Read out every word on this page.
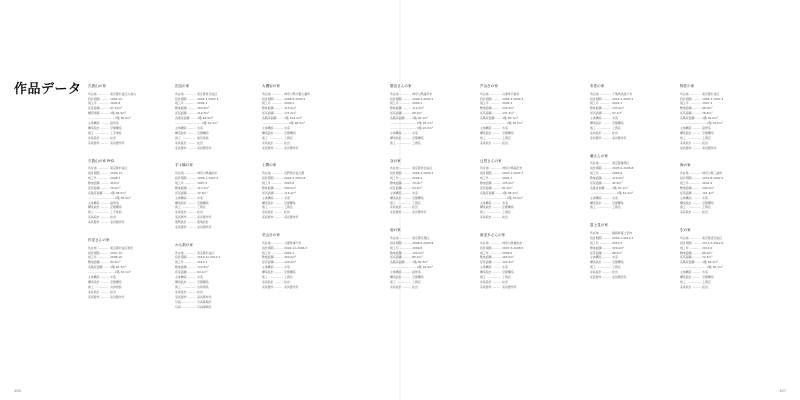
作品データ 久我山の家
所在地 ………… 東京都杉並区久我山
設計期間 ……… 1992.10-
竣工年 ………… 1993.8
延床面積 ……… 97.52m²
構造規模 ……… 2階 66.9m²
……………………… 2階 30.6m²
主体構造 ……… 鉄骨造
構造設計 ……… 空間構造
施工 …………… 工手建設
家具設計 ……… 松田
家具製作 ……… 家具製作所
久我山の家 PH2
所在地 ………… 東京都杉並区
設計期間 ……… 2006.12-
竣工年 ………… 2008.3
敷地面積 ……… 410m²
延床面積 ……… 76.9m²
各階床面積 …… 1階 48.0m²
……………………… 2階 28.9m²
主体構造 ……… 鉄骨造
構造設計 ……… 空間構造
施工 …………… 工手建設
家具設計 ……… 松田
家具製作 ……… 家具製作所
杉並さんの家
所在地 ………… 東京都杉並区和田
設計期間 ……… 2007.10-
竣工年 ………… 2008.10
敷地面積 ……… 82.0m²
各階床面積 …… 1階 64.3m²
……………………… 2階 32.1m²
主体構造 ……… 木造
構造設計 ……… 空間構造
施工 …………… 丸和建設
家具設計 ……… 松田
家具製作 ……… 家具製作所
田辺の家
所在地 ………… 東京都世田谷区
設計期間 ……… 2003.3-2004.3
竣工年 ………… 2004.3
敷地面積 ……… 183.2m²
延床面積 ……… 116.3m²
各階床面積 …… 1階 64.0m²
……………………… 2階 52.3m²
主体構造 ……… 木造
構造設計 ……… 空間構造
施工 …………… 前田建設
家具設計 ……… 松田
家具製作 ……… 家具製作所
手々橋の家
所在地 ………… 神奈川県横浜市
設計期間 ……… 1996.1-1997.2
竣工年 ………… 1997.2
敷地面積 ……… 113.3m²
延床面積 ……… 72.6m²
主体構造 ……… 木造
構造設計 ……… 空間構造
施工 …………… 工務店
家具設計 ……… 松田
家具製作 ……… 家具製作所
照明設計 ……… 照明設計
家具製作 ……… 家具製作所
かも梨の家
所在地 ………… 東京都杉並区
設計期間 ……… 2010.12-2012.3
竣工年 ………… 2012.3
敷地面積 ……… 133.5m²
延床面積 ……… 64.1m²
主体構造 ……… 木造
構造設計 ……… 空間構造
施工 …………… 丸和建設
家具設計 ……… 松田
家具製作 ……… 家具製作所
写真 …………… 写真事務所
写真 …………… 写真事務所
大磯岩の家
所在地 ………… 神奈川県中郡大磯町
設計期間 ……… 1998.8-2000.2
竣工年 ………… 2000.2
敷地面積 ……… 315.0m²
延床面積 ……… 171.2m²
各階床面積 …… 1階 102.3m²
……………………… 2階 68.9m²
主体構造 ……… 木造
構造設計 ……… 空間構造
施工 …………… 工務店
家具設計 ……… 松田
家具製作 ……… 家具製作所
土間の家
所在地 ………… 長野県北佐久郡
設計期間 ……… 2002.5-2003.8
竣工年 ………… 2003.8
敷地面積 ……… 500.0m²
延床面積 ……… 116.2m²
主体構造 ……… 木造
構造設計 ……… 空間構造
施工 …………… 工務店
家具設計 ……… 松田
家具製作 ……… 家具製作所
荒山台の家
所在地 ………… 兵庫県神戸市
設計期間 ……… 2004.12-2006.3
竣工年 ………… 2006.3
敷地面積 ……… 204.0m²
延床面積 ……… 120.5m²
主体構造 ……… 木造
構造設計 ……… 空間構造
施工 …………… 工務店
家具設計 ……… 松田
家具製作 ……… 家具製作所
鵠沼さんの家
所在地 ………… 神奈川県藤沢市
設計期間 ……… 1999.1-2000.1
竣工年 ………… 2000.1
敷地面積 ……… 112.0m²
延床面積 ……… 68.2m²
各階床面積 …… 1階 40.1m²
……………………… 2階 28.1m²
……………………… 3階 20.0m²
主体構造 ……… 木造
構造設計 ……… 空間構造
施工 …………… 工務店
谷の家
所在地 ………… 東京都世田谷区
設計期間 ……… 2005.2-2006.4
竣工年 ………… 2006.4
敷地面積 ……… 70.0m²
延床面積 ……… 54.2m²
主体構造 ……… 木造
構造設計 ……… 空間構造
施工 …………… 工務店
家具設計 ……… 松田
家具製作 ……… 家具製作所
南の家
所在地 ………… 東京都目黒区
設計期間 ……… 2008.6-2009.8
竣工年 ………… 2009.8
敷地面積 ……… 102.0m²
延床面積 ……… 80.1m²
各階床面積 …… 1階 50.3m²
……………………… 2階 29.8m²
主体構造 ……… 鉄骨造
構造設計 ……… 空間構造
施工 …………… 工務店
家具設計 ……… 松田
芦山台の家
所在地 ………… 兵庫県芦屋市
設計期間 ……… 2004.4-2006.3
竣工年 ………… 2006.3
敷地面積 ……… 245.5m²
延床面積 ……… 137.2m²
各階床面積 …… 1階 80.7m²
……………………… 2階 56.5m²
主体構造 ……… 木造
構造設計 ……… 空間構造
施工 …………… 工務店
家具設計 ……… 松田
辻堂さんの家
所在地 ………… 神奈川県藤沢市
設計期間 ……… 2003.1-2004.7
竣工年 ………… 2004.7
敷地面積 ……… 125.0m²
延床面積 ……… 81.0m²
各階床面積 …… 1階 48.4m²
……………………… 2階 32.6m²
主体構造 ……… 木造
構造設計 ……… 空間構造
施工 …………… 工務店
家具設計 ……… 松田
新並木さんの家
所在地 ………… 神奈川県横浜市
設計期間 ……… 2007.3-2008.5
竣工年 ………… 2008.5
敷地面積 ……… 165.0m²
延床面積 ……… 102.3m²
主体構造 ……… 木造
構造設計 ……… 空間構造
施工 …………… 工務店
家具設計 ……… 松田
家具製作 ……… 家具製作所
布佐の家
所在地 ………… 千葉県我孫子市
設計期間 ……… 2001.2-2002.2
竣工年 ………… 2002.2
敷地面積 ……… 233.0m²
延床面積 ……… 97.1m²
主体構造 ……… 木造
構造設計 ……… 空間構造
施工 …………… 工務店
家具設計 ……… 松田
家具製作 ……… 家具製作所
藤さんの家
所在地 ………… 東京都練馬区
設計期間 ……… 2005.6-2006.8
竣工年 ………… 2006.8
敷地面積 ……… 110.0m²
延床面積 ……… 92.4m²
各階床面積 …… 1階 50.1m²
……………………… 2階 42.3m²
主体構造 ……… 木造
構造設計 ……… 空間構造
施工 …………… 工務店
富士見の家
所在地 ………… 静岡県富士宮市
設計期間 ……… 2009.1-2010.3
竣工年 ………… 2010.3
敷地面積 ……… 320.0m²
延床面積 ……… 88.5m²
主体構造 ……… 木造
構造設計 ……… 空間構造
施工 …………… 工務店
家具設計 ……… 松田
家具製作 ……… 家具製作所
阿佐の家
所在地 ………… 東京都杉並区
設計期間 ……… 1996.3-1997.4
竣工年 ………… 1997.4
敷地面積 ……… 98.0m²
延床面積 ……… 78.6m²
各階床面積 …… 1階 44.0m²
……………………… 2階 34.6m²
主体構造 ……… 鉄骨造
構造設計 ……… 空間構造
施工 …………… 工務店
家具設計 ……… 松田
家具製作 ……… 家具製作所
海の家
所在地 ………… 神奈川県三浦市
設計期間 ……… 2001.8-2002.9
竣工年 ………… 2002.9
敷地面積 ……… 290.0m²
延床面積 ……… 101.4m²
主体構造 ……… 木造
構造設計 ……… 空間構造
施工 …………… 工務店
家具設計 ……… 松田
空の家
所在地 ………… 東京都世田谷区
設計期間 ……… 2011.4-2012.6
竣工年 ………… 2012.6
敷地面積 ……… 88.0m²
延床面積 ……… 72.5m²
各階床面積 …… 1階 36.2m²
……………………… 2階 36.3m²
主体構造 ……… 木造
構造設計 ……… 空間構造
施工 …………… 工務店
家具設計 ……… 松田
406	407
